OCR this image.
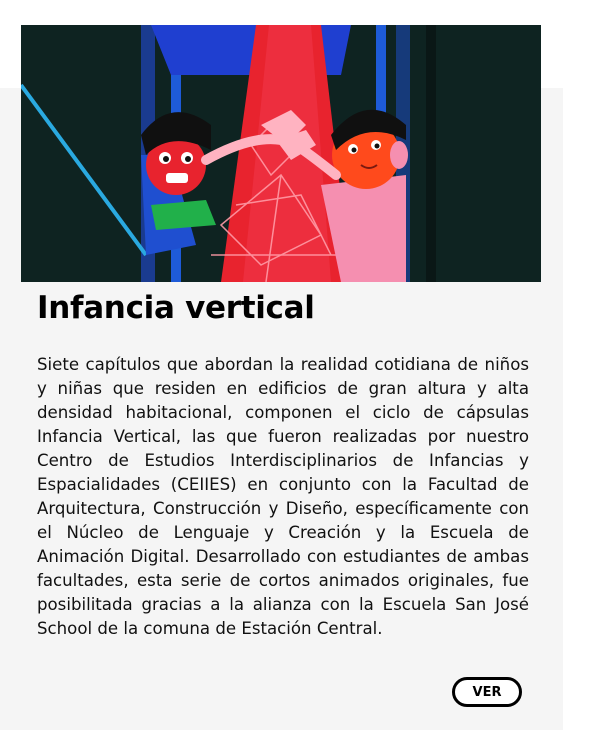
Infancia vertical

Siete capítulos que abordan la realidad cotidiana de niños y niñas que residen en edificios de gran altura y alta densidad habitacional, componen el ciclo de cápsulas Infancia Vertical, las que fueron realizadas por nuestro Centro de Estudios Interdisciplinarios de Infancias y Espacialidades (CEIIES) en conjunto con la Facultad de Arquitectura, Construcción y Diseño, específicamente con el Núcleo de Lenguaje y Creación y la Escuela de Animación Digital. Desarrollado con estudiantes de ambas facultades, esta serie de cortos animados originales, fue posibilitada gracias a la alianza con la Escuela San José School de la comuna de Estación Central.

VER
